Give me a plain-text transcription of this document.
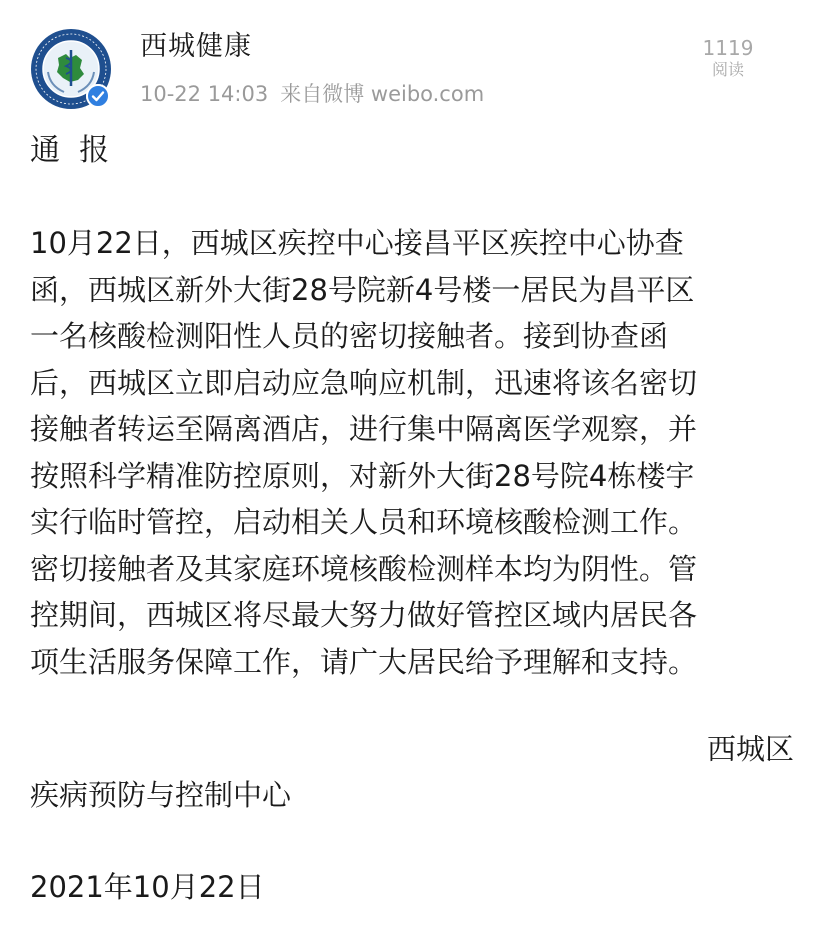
西城健康
10-22 14:03 来自微博 weibo.com
1119
阅读
通  报
10月22日，西城区疾控中心接昌平区疾控中心协查
函，西城区新外大街28号院新4号楼一居民为昌平区
一名核酸检测阳性人员的密切接触者。接到协查函
后，西城区立即启动应急响应机制，迅速将该名密切
接触者转运至隔离酒店，进行集中隔离医学观察，并
按照科学精准防控原则，对新外大街28号院4栋楼宇
实行临时管控，启动相关人员和环境核酸检测工作。
密切接触者及其家庭环境核酸检测样本均为阴性。管
控期间，西城区将尽最大努力做好管控区域内居民各
项生活服务保障工作，请广大居民给予理解和支持。
西城区
疾病预防与控制中心
2021年10月22日
